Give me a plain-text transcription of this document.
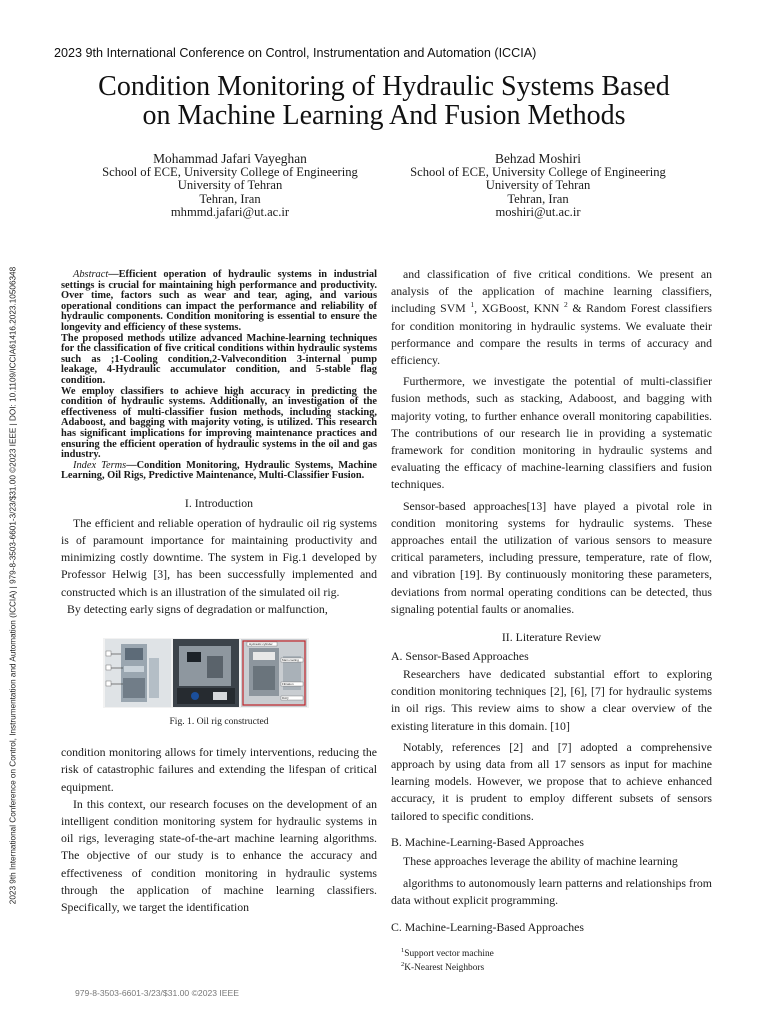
2023 9th International Conference on Control, Instrumentation and Automation (ICCIA)
Condition Monitoring of Hydraulic Systems Based
on Machine Learning And Fusion Methods
Mohammad Jafari Vayeghan
School of ECE, University College of Engineering
University of Tehran
Tehran, Iran
mhmmd.jafari@ut.ac.ir
Behzad Moshiri
School of ECE, University College of Engineering
University of Tehran
Tehran, Iran
moshiri@ut.ac.ir
2023 9th International Conference on Control, Instrumentation and Automation (ICCIA) | 979-8-3503-6601-3/23/$31.00 ©2023 IEEE | DOI: 10.1109/ICCIA61416.2023.10506348	Abstract—Efficient operation of hydraulic systems in industrial settings is crucial for maintaining high performance and productivity. Over time, factors such as wear and tear, aging, and various operational conditions can impact the performance and reliability of hydraulic components. Condition monitoring is essential to ensure the longevity and efficiency of these systems.

The proposed methods utilize advanced Machine-learning techniques for the classification of five critical conditions within hydraulic systems such as ;1-Cooling condition,2-Valvecondition 3-internal pump leakage, 4-Hydraulic accumulator condition, and 5-stable flag condition.

We employ classifiers to achieve high accuracy in predicting the condition of hydraulic systems. Additionally, an investigation of the effectiveness of multi-classifier fusion methods, including stacking, Adaboost, and bagging with majority voting, is utilized. This research has significant implications for improving maintenance practices and ensuring the efficient operation of hydraulic systems in the oil and gas industry.

Index Terms—Condition Monitoring, Hydraulic Systems, Machine Learning, Oil Rigs, Predictive Maintenance, Multi-Classifier Fusion.

I. Introduction

The efficient and reliable operation of hydraulic oil rig systems is of paramount importance for maintaining productivity and minimizing costly downtime. The system in Fig.1 developed by Professor Helwig [3], has been successfully implemented and constructed which is an illustration of the simulated oil rig.

By detecting early signs of degradation or malfunction,

Hydraulic cylinder
Main cooling
Filtration
DAQ
Fig. 1. Oil rig constructed

condition monitoring allows for timely interventions, reducing the risk of catastrophic failures and extending the lifespan of critical equipment.

In this context, our research focuses on the development of an intelligent condition monitoring system for hydraulic systems in oil rigs, leveraging state-of-the-art machine learning algorithms. The objective of our study is to enhance the accuracy and effectiveness of condition monitoring in hydraulic systems through the application of machine learning classifiers. Specifically, we target the identification

and classification of five critical conditions. We present an analysis of the application of machine learning classifiers, including SVM $^1$, XGBoost, KNN $^2$ & Random Forest classifiers for condition monitoring in hydraulic systems. We evaluate their performance and compare the results in terms of accuracy and efficiency.

Furthermore, we investigate the potential of multi-classifier fusion methods, such as stacking, Adaboost, and bagging with majority voting, to further enhance overall monitoring capabilities. The contributions of our research lie in providing a systematic framework for condition monitoring in hydraulic systems and evaluating the efficacy of machine-learning classifiers and fusion techniques.

Sensor-based approaches[13] have played a pivotal role in condition monitoring systems for hydraulic systems. These approaches entail the utilization of various sensors to measure critical parameters, including pressure, temperature, rate of flow, and vibration [19]. By continuously monitoring these parameters, deviations from normal operating conditions can be detected, thus signaling potential faults or anomalies.

II. Literature Review
A. Sensor-Based Approaches

Researchers have dedicated substantial effort to exploring condition monitoring techniques [2], [6], [7] for hydraulic systems in oil rigs. This review aims to show a clear overview of the existing literature in this domain. [10]

Notably, references [2] and [7] adopted a comprehensive approach by using data from all 17 sensors as input for machine learning models. However, we propose that to achieve enhanced accuracy, it is prudent to employ different subsets of sensors tailored to specific conditions.

B. Machine-Learning-Based Approaches

These approaches leverage the ability of machine learning

algorithms to autonomously learn patterns and relationships from data without explicit programming.

C. Machine-Learning-Based Approaches

$^1$Support vector machine

$^2$K-Nearest Neighbors

979-8-3503-6601-3/23/$31.00 ©2023 IEEE
